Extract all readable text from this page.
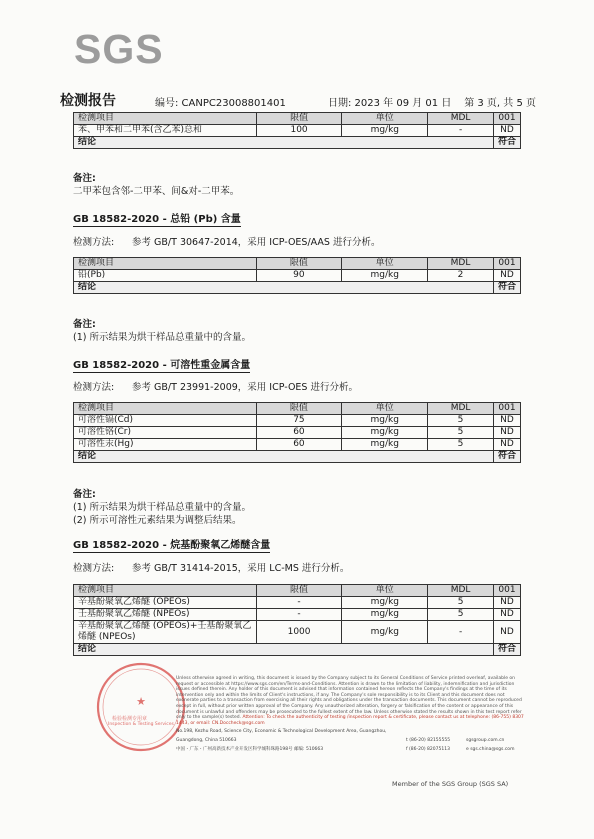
SGS
检测报告	编号: CANPC23008801401	日期: 2023 年 09 月 01 日 第 3 页, 共 5 页
检测项目	限值	单位	MDL	001
苯、甲苯和二甲苯(含乙苯)总和	100	mg/kg	-	ND
结论				符合
备注:
二甲苯包含邻-二甲苯、间&对-二甲苯。
GB 18582-2020 - 总铅 (Pb) 含量
检测方法: 参考 GB/T 30647-2014，采用 ICP-OES/AAS 进行分析。
检测项目	限值	单位	MDL	001
铅(Pb)	90	mg/kg	2	ND
结论				符合
备注:
(1) 所示结果为烘干样品总重量中的含量。
GB 18582-2020 - 可溶性重金属含量
检测方法: 参考 GB/T 23991-2009，采用 ICP-OES 进行分析。
检测项目	限值	单位	MDL	001
可溶性镉(Cd)	75	mg/kg	5	ND
可溶性铬(Cr)	60	mg/kg	5	ND
可溶性汞(Hg)	60	mg/kg	5	ND
结论				符合
备注:
(1) 所示结果为烘干样品总重量中的含量。
(2) 所示可溶性元素结果为调整后结果。
GB 18582-2020 - 烷基酚聚氧乙烯醚含量
检测方法: 参考 GB/T 31414-2015，采用 LC-MS 进行分析。
检测项目	限值	单位	MDL	001
辛基酚聚氧乙烯醚 (OPEOs)	-	mg/kg	5	ND
壬基酚聚氧乙烯醚 (NPEOs)	-	mg/kg	5	ND
辛基酚聚氧乙烯醚 (OPEOs)+壬基酚聚氧乙烯醚 (NPEOs)	1000	mg/kg	-	ND
结论				符合
★
检验检测专用章
Inspection & Testing Services
Unless otherwise agreed in writing, this document is issued by the Company subject to its General Conditions of Service printed overleaf, available on request or accessible at https://www.sgs.com/en/Terms-and-Conditions. Attention is drawn to the limitation of liability, indemnification and jurisdiction issues defined therein. Any holder of this document is advised that information contained hereon reflects the Company's findings at the time of its intervention only and within the limits of Client's instructions, if any. The Company's sole responsibility is to its Client and this document does not exonerate parties to a transaction from exercising all their rights and obligations under the transaction documents. This document cannot be reproduced except in full, without prior written approval of the Company. Any unauthorized alteration, forgery or falsification of the content or appearance of this document is unlawful and offenders may be prosecuted to the fullest extent of the law. Unless otherwise stated the results shown in this test report refer only to the sample(s) tested. Attention: To check the authenticity of testing /inspection report & certificate, please contact us at telephone: (86-755) 8307 1443, or email: CN.Doccheck@sgs.com
No.198, Kezhu Road, Science City, Economic & Technological Development Area, Guangzhou, Guangdong, China 510663	t (86-20) 82155555	sgsgroup.com.cn
中国・广东・广州高新技术产业开发区科学城科珠路198号 邮编: 510663	f (86-20) 82075113	e sgs.china@sgs.com
Member of the SGS Group (SGS SA)
